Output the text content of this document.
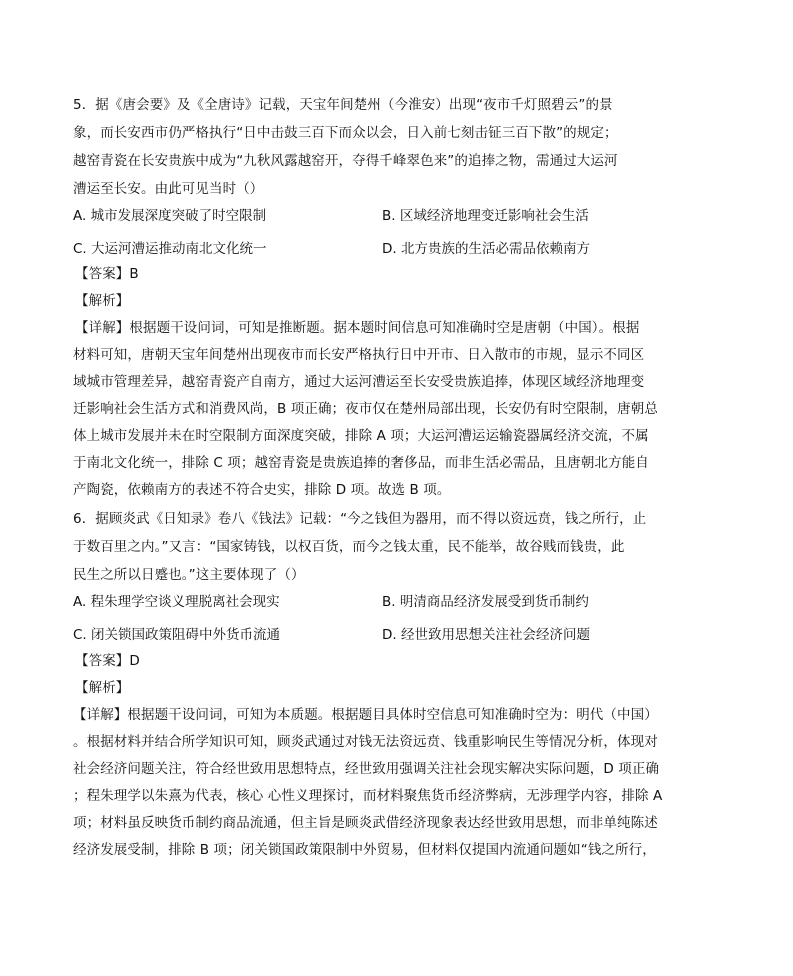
5．据《唐会要》及《全唐诗》记载，天宝年间楚州（今淮安）出现“夜市千灯照碧云”的景
象，而长安西市仍严格执行“日中击鼓三百下而众以会，日入前七刻击钲三百下散”的规定；
越窑青瓷在长安贵族中成为“九秋风露越窑开，夺得千峰翠色来”的追捧之物，需通过大运河
漕运至长安。由此可见当时（）
A. 城市发展深度突破了时空限制	B. 区域经济地理变迁影响社会生活
C. 大运河漕运推动南北文化统一	D. 北方贵族的生活必需品依赖南方
【答案】B
【解析】
【详解】根据题干设问词，可知是推断题。据本题时间信息可知准确时空是唐朝（中国）。根据
材料可知，唐朝天宝年间楚州出现夜市而长安严格执行日中开市、日入散市的市规，显示不同区
域城市管理差异，越窑青瓷产自南方，通过大运河漕运至长安受贵族追捧，体现区域经济地理变
迁影响社会生活方式和消费风尚，B 项正确；夜市仅在楚州局部出现，长安仍有时空限制，唐朝总
体上城市发展并未在时空限制方面深度突破，排除 A 项；大运河漕运运输瓷器属经济交流，不属
于南北文化统一，排除 C 项；越窑青瓷是贵族追捧的奢侈品，而非生活必需品，且唐朝北方能自
产陶瓷，依赖南方的表述不符合史实，排除 D 项。故选 B 项。
6．据顾炎武《日知录》卷八《钱法》记载：“今之钱但为器用，而不得以资远贲，钱之所行，止
于数百里之内。”又言：“国家铸钱，以权百货，而今之钱太重，民不能举，故谷贱而钱贵，此
民生之所以日蹙也。”这主要体现了（）
A. 程朱理学空谈义理脱离社会现实	B. 明清商品经济发展受到货币制约
C. 闭关锁国政策阻碍中外货币流通	D. 经世致用思想关注社会经济问题
【答案】D
【解析】
【详解】根据题干设问词，可知为本质题。根据题目具体时空信息可知准确时空为：明代（中国）
。根据材料并结合所学知识可知，顾炎武通过对钱无法资远贲、钱重影响民生等情况分析，体现对
社会经济问题关注，符合经世致用思想特点，经世致用强调关注社会现实解决实际问题，D 项正确
；程朱理学以朱熹为代表，核心 心性义理探讨，而材料聚焦货币经济弊病，无涉理学内容，排除 A
项；材料虽反映货币制约商品流通，但主旨是顾炎武借经济现象表达经世致用思想，而非单纯陈述
经济发展受制，排除 B 项；闭关锁国政策限制中外贸易，但材料仅提国内流通问题如“钱之所行，
